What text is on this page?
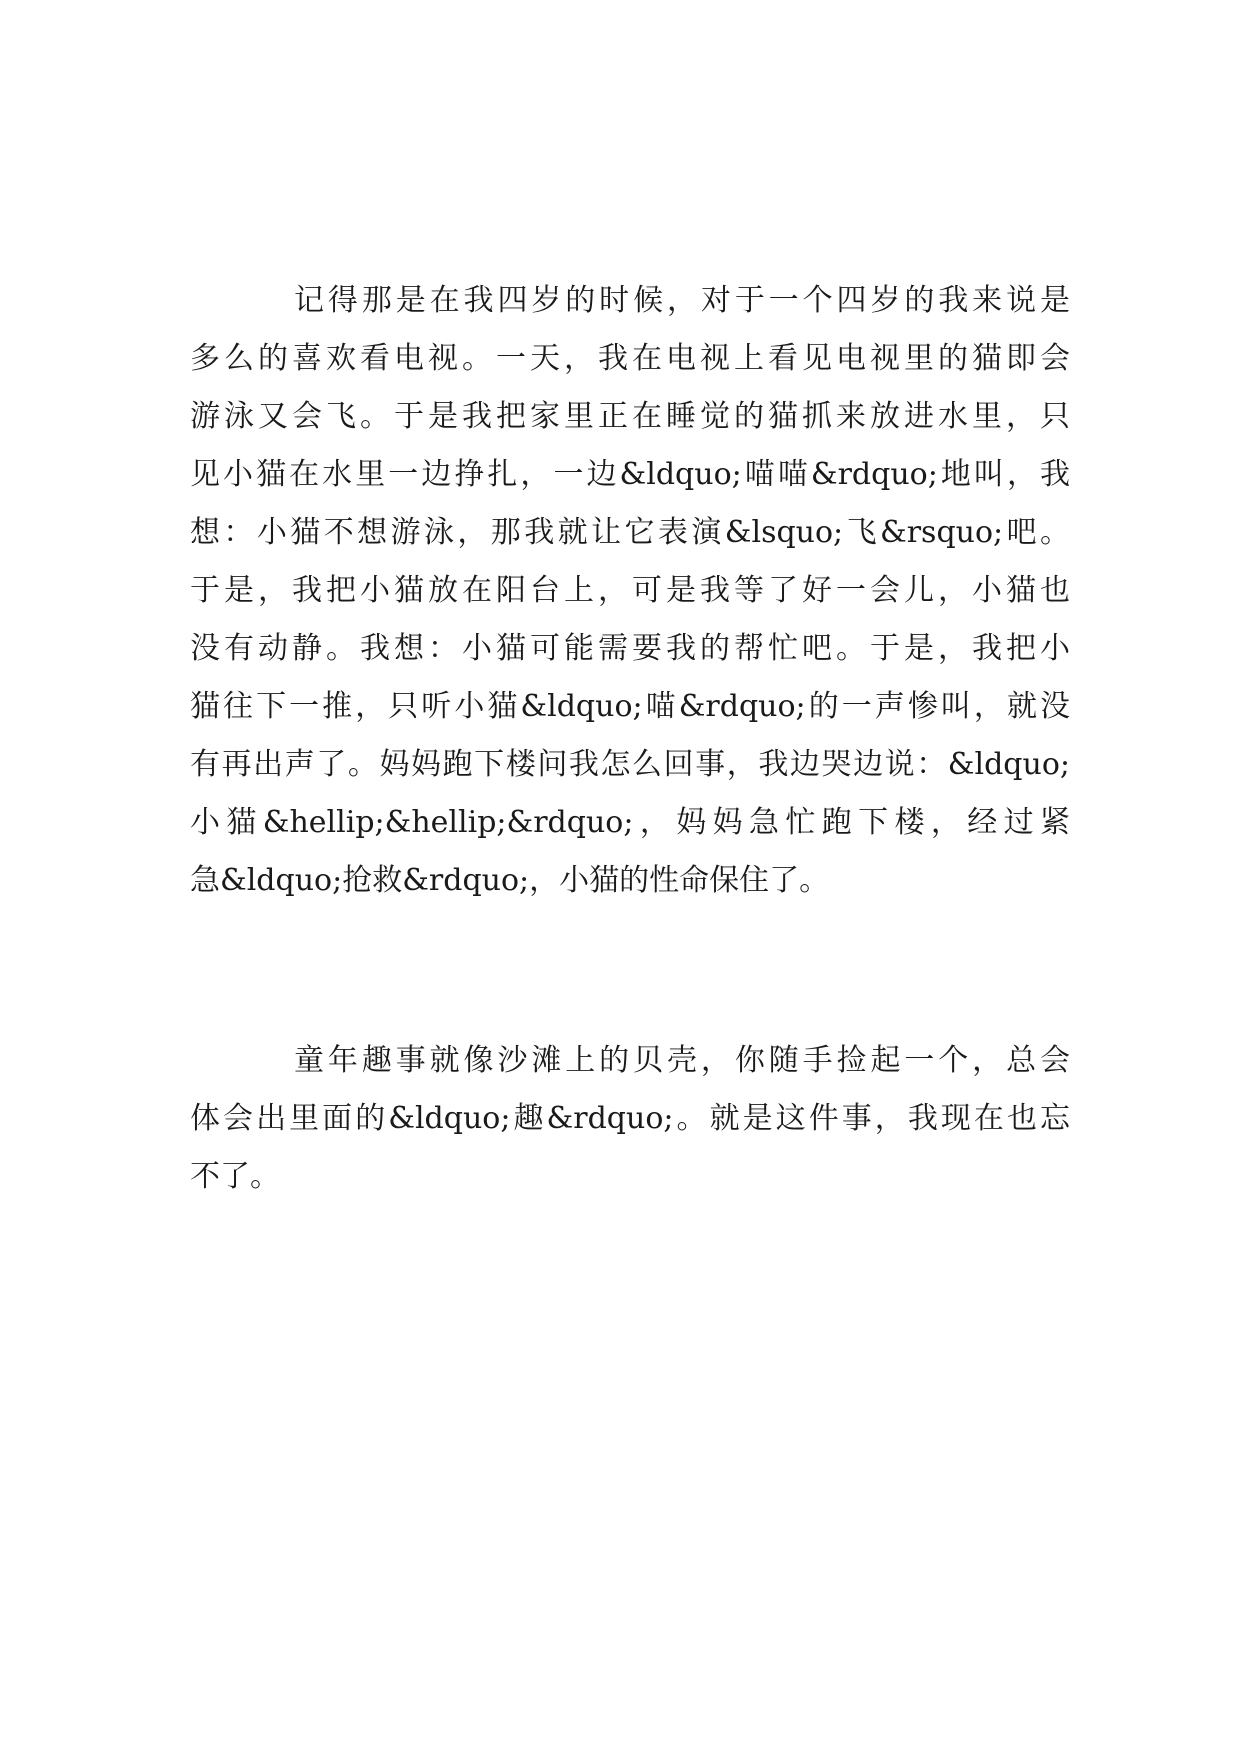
记得那是在我四岁的时候，对于一个四岁的我来说是
多么的喜欢看电视。一天，我在电视上看见电视里的猫即会
游泳又会飞。于是我把家里正在睡觉的猫抓来放进水里，只
见小猫在水里一边挣扎，一边&ldquo;喵喵&rdquo;地叫，我
想：小猫不想游泳，那我就让它表演&lsquo;飞&rsquo;吧。
于是，我把小猫放在阳台上，可是我等了好一会儿，小猫也
没有动静。我想：小猫可能需要我的帮忙吧。于是，我把小
猫往下一推，只听小猫&ldquo;喵&rdquo;的一声惨叫，就没
有再出声了。妈妈跑下楼问我怎么回事，我边哭边说：&ldquo;
小猫&hellip;&hellip;&rdquo;，妈妈急忙跑下楼，经过紧
急&ldquo;抢救&rdquo;，小猫的性命保住了。
童年趣事就像沙滩上的贝壳，你随手捡起一个，总会
体会出里面的&ldquo;趣&rdquo;。就是这件事，我现在也忘
不了。
